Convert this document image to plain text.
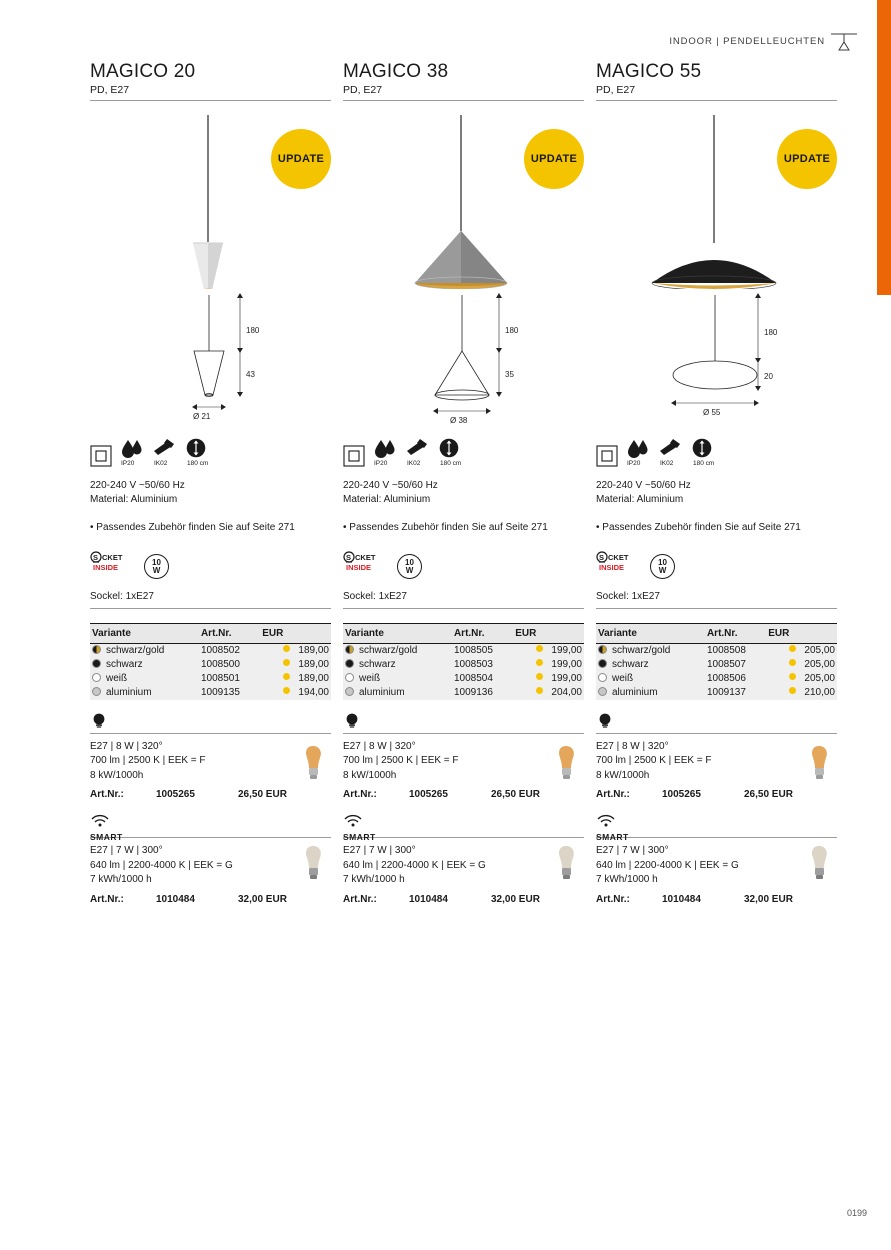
INDOOR | PENDELLEUCHTEN
MAGICO 20
PD, E27
UPDATE
180
43
Ø 21
IP20	IK02	180 cm
220-240 V ~50/60 Hz
Material: Aluminium
• Passendes Zubehör finden Sie auf Seite 271
S CKET
INSIDE
10
W
Sockel: 1xE27
Variante	Art.Nr.	EUR
schwarz/gold	1008502	189,00
schwarz	1008500	189,00
weiß	1008501	189,00
aluminium	1009135	194,00
E27 | 8 W | 320°
700 lm | 2500 K | EEK = F
8 kW/1000h
Art.Nr.:	1005265	26,50 EUR
SMART
E27 | 7 W | 300°
640 lm | 2200-4000 K | EEK = G
7 kWh/1000 h
Art.Nr.:	1010484	32,00 EUR
MAGICO 38
PD, E27
UPDATE
180
35
Ø 38
IP20	IK02	180 cm
220-240 V ~50/60 Hz
Material: Aluminium
• Passendes Zubehör finden Sie auf Seite 271
S CKET
INSIDE
10
W
Sockel: 1xE27
Variante	Art.Nr.	EUR
schwarz/gold	1008505	199,00
schwarz	1008503	199,00
weiß	1008504	199,00
aluminium	1009136	204,00
E27 | 8 W | 320°
700 lm | 2500 K | EEK = F
8 kW/1000h
Art.Nr.:	1005265	26,50 EUR
SMART
E27 | 7 W | 300°
640 lm | 2200-4000 K | EEK = G
7 kWh/1000 h
Art.Nr.:	1010484	32,00 EUR
MAGICO 55
PD, E27
UPDATE
180
20
Ø 55
IP20	IK02	180 cm
220-240 V ~50/60 Hz
Material: Aluminium
• Passendes Zubehör finden Sie auf Seite 271
S CKET
INSIDE
10
W
Sockel: 1xE27
Variante	Art.Nr.	EUR
schwarz/gold	1008508	205,00
schwarz	1008507	205,00
weiß	1008506	205,00
aluminium	1009137	210,00
E27 | 8 W | 320°
700 lm | 2500 K | EEK = F
8 kW/1000h
Art.Nr.:	1005265	26,50 EUR
SMART
E27 | 7 W | 300°
640 lm | 2200-4000 K | EEK = G
7 kWh/1000 h
Art.Nr.:	1010484	32,00 EUR
0199
